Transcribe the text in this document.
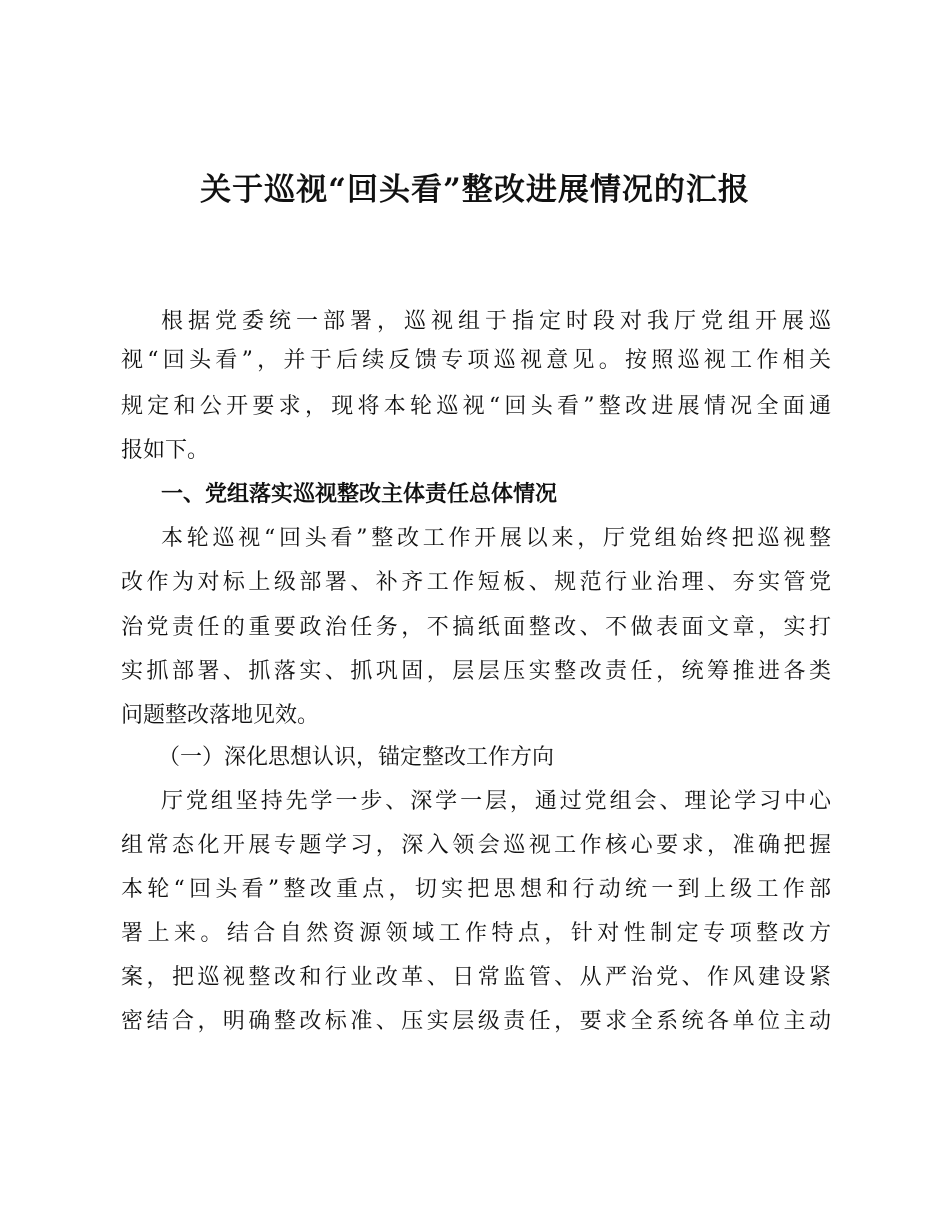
关于巡视“回头看”整改进展情况的汇报
根据党委统一部署，巡视组于指定时段对我厅党组开展巡
视“回头看”，并于后续反馈专项巡视意见。按照巡视工作相关
规定和公开要求，现将本轮巡视“回头看”整改进展情况全面通
报如下。
一、党组落实巡视整改主体责任总体情况
本轮巡视“回头看”整改工作开展以来，厅党组始终把巡视整
改作为对标上级部署、补齐工作短板、规范行业治理、夯实管党
治党责任的重要政治任务，不搞纸面整改、不做表面文章，实打
实抓部署、抓落实、抓巩固，层层压实整改责任，统筹推进各类
问题整改落地见效。
（一）深化思想认识，锚定整改工作方向
厅党组坚持先学一步、深学一层，通过党组会、理论学习中心
组常态化开展专题学习，深入领会巡视工作核心要求，准确把握
本轮“回头看”整改重点，切实把思想和行动统一到上级工作部
署上来。结合自然资源领域工作特点，针对性制定专项整改方
案，把巡视整改和行业改革、日常监管、从严治党、作风建设紧
密结合，明确整改标准、压实层级责任，要求全系统各单位主动
